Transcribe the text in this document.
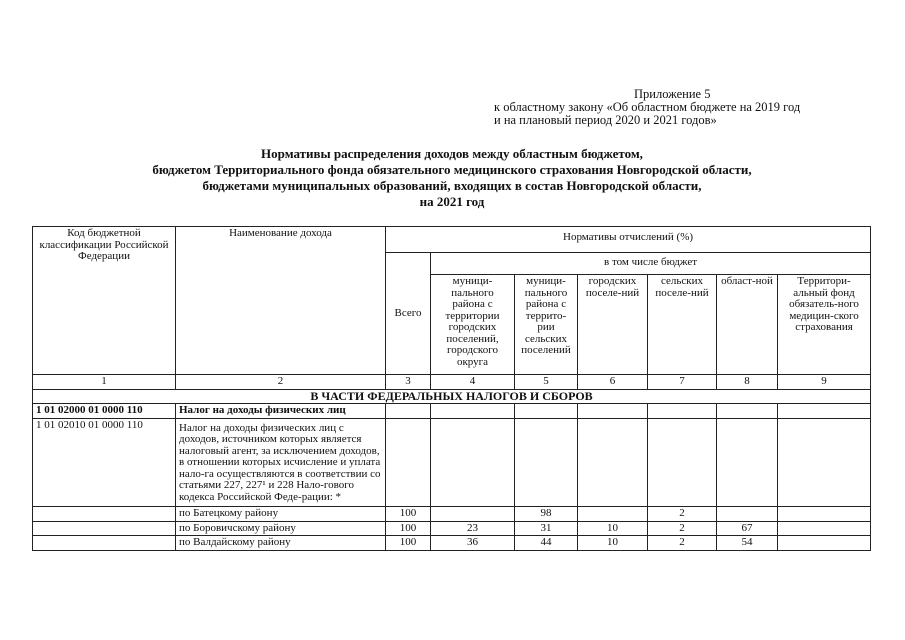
Приложение 5
к областному закону «Об областном бюджете на 2019 год
и на плановый период 2020 и 2021 годов»
Нормативы распределения доходов между областным бюджетом,
бюджетом Территориального фонда обязательного медицинского страхования Новгородской области,
бюджетами муниципальных образований, входящих в состав Новгородской области,
на 2021 год
Код бюджетной классификации Российской Федерации	Наименование дохода	Нормативы отчислений (%)						
		Всего	в том числе бюджет					
			муници-пального района с территории городских поселений, городского округа	муници-пального района с террито-рии сельских поселений	городских поселе-ний	сельских поселе-ний	област-ной	Территори-альный фонд обязатель-ного медицин-ского страхования
1	2	3	4	5	6	7	8	9
В ЧАСТИ ФЕДЕРАЛЬНЫХ НАЛОГОВ И СБОРОВ								
1 01 02000 01 0000 110	Налог на доходы физических лиц							
1 01 02010 01 0000 110	Налог на доходы физических лиц с доходов, источником которых является налоговый агент, за исключением доходов, в отношении которых исчисление и уплата нало-га осуществляются в соответствии со статьями 227, 227¹ и 228 Нало-гового кодекса Российской Феде-рации: *							
	по Батецкому району	100		98		2		
	по Боровичскому району	100	23	31	10	2	67	
	по Валдайскому району	100	36	44	10	2	54	
